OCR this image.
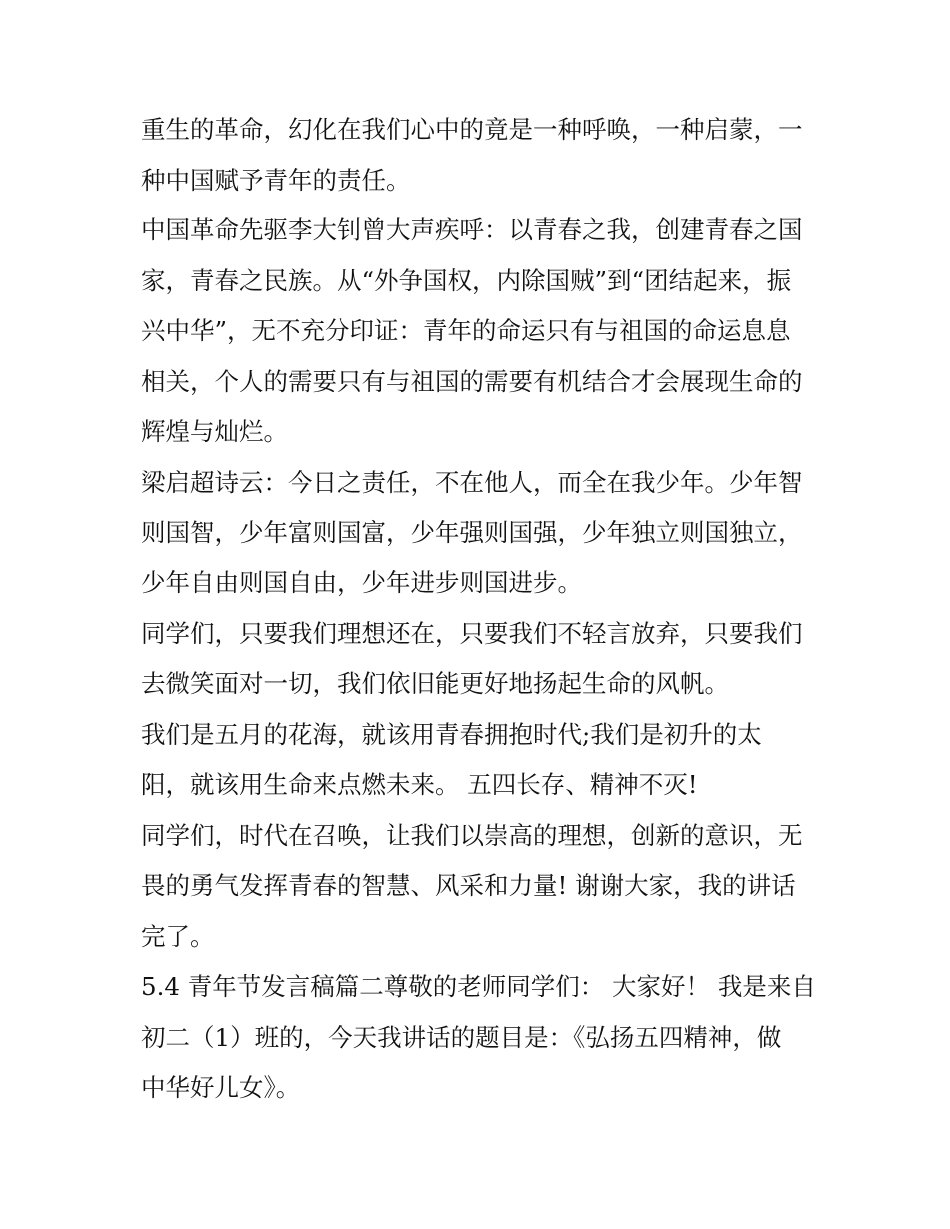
重生的革命，幻化在我们心中的竟是一种呼唤，一种启蒙，一
种中国赋予青年的责任。
中国革命先驱李大钊曾大声疾呼：以青春之我，创建青春之国
家，青春之民族。从“外争国权，内除国贼”到“团结起来，振
兴中华”，无不充分印证：青年的命运只有与祖国的命运息息
相关，个人的需要只有与祖国的需要有机结合才会展现生命的
辉煌与灿烂。
梁启超诗云：今日之责任，不在他人，而全在我少年。少年智
则国智，少年富则国富，少年强则国强，少年独立则国独立，
少年自由则国自由，少年进步则国进步。
同学们，只要我们理想还在，只要我们不轻言放弃，只要我们
去微笑面对一切，我们依旧能更好地扬起生命的风帆。
我们是五月的花海，就该用青春拥抱时代;我们是初升的太
阳，就该用生命来点燃未来。 五四长存、精神不灭!
同学们，时代在召唤，让我们以崇高的理想，创新的意识，无
畏的勇气发挥青春的智慧、风采和力量! 谢谢大家，我的讲话
完了。
5.4 青年节发言稿篇二尊敬的老师同学们： 大家好！ 我是来自
初二（1）班的，今天我讲话的题目是：《弘扬五四精神，做
中华好儿女》。
